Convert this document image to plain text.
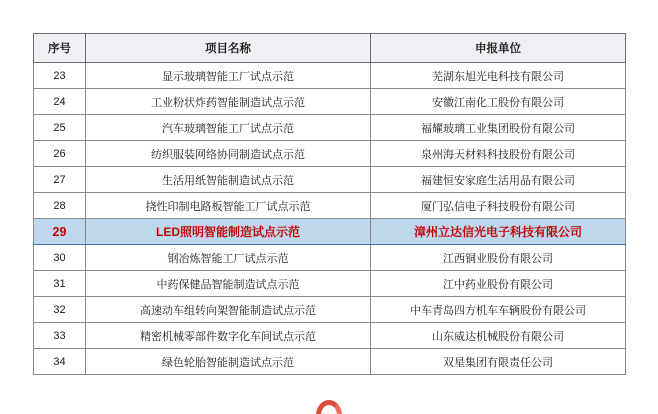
序号	项目名称	申报单位
23	显示玻璃智能工厂试点示范	芜湖东旭光电科技有限公司
24	工业粉状炸药智能制造试点示范	安徽江南化工股份有限公司
25	汽车玻璃智能工厂试点示范	福耀玻璃工业集团股份有限公司
26	纺织服装网络协同制造试点示范	泉州海天材料科技股份有限公司
27	生活用纸智能制造试点示范	福建恒安家庭生活用品有限公司
28	挠性印制电路板智能工厂试点示范	厦门弘信电子科技股份有限公司
29	LED照明智能制造试点示范	漳州立达信光电子科技有限公司
30	钢冶炼智能工厂试点示范	江西铜业股份有限公司
31	中药保健品智能制造试点示范	江中药业股份有限公司
32	高速动车组转向架智能制造试点示范	中车青岛四方机车车辆股份有限公司
33	精密机械零部件数字化车间试点示范	山东威达机械股份有限公司
34	绿色轮胎智能制造试点示范	双星集团有限责任公司
